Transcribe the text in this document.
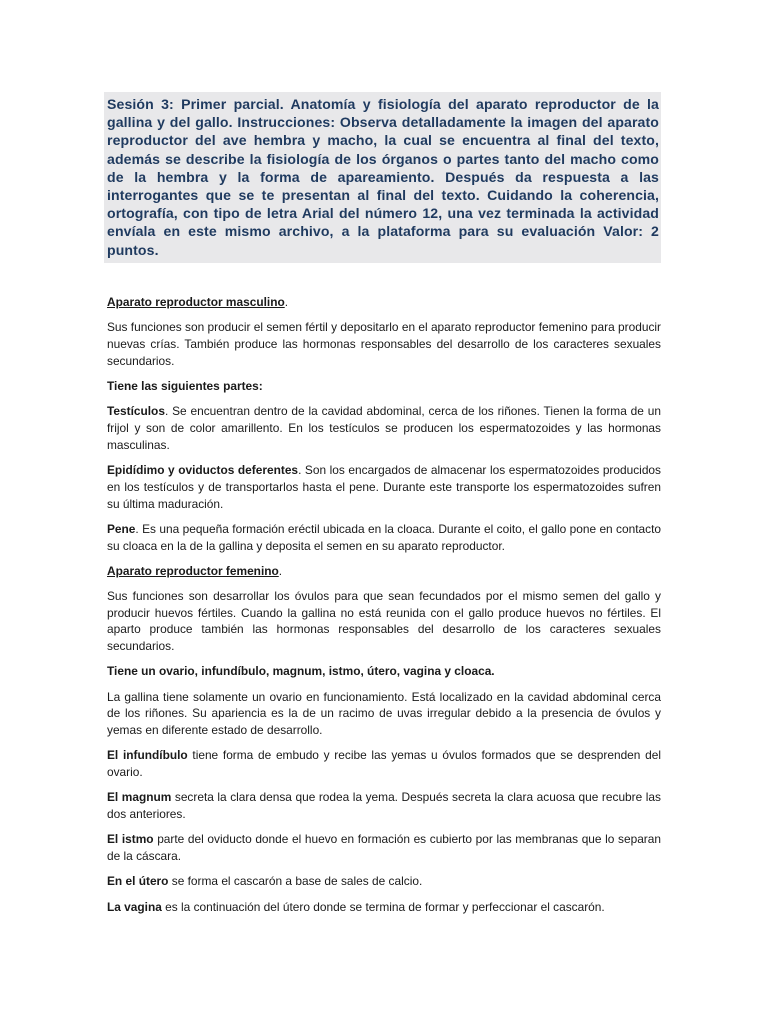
Sesión 3: Primer parcial. Anatomía y fisiología del aparato reproductor de la gallina y del gallo. Instrucciones: Observa detalladamente la imagen del aparato reproductor del ave hembra y macho, la cual se encuentra al final del texto, además se describe la fisiología de los órganos o partes tanto del macho como de la hembra y la forma de apareamiento. Después da respuesta a las interrogantes que se te presentan al final del texto. Cuidando la coherencia, ortografía, con tipo de letra Arial del número 12, una vez terminada la actividad envíala en este mismo archivo, a la plataforma para su evaluación Valor: 2 puntos.

Aparato reproductor masculino.

Sus funciones son producir el semen fértil y depositarlo en el aparato reproductor femenino para producir nuevas crías. También produce las hormonas responsables del desarrollo de los caracteres sexuales secundarios.

Tiene las siguientes partes:

Testículos. Se encuentran dentro de la cavidad abdominal, cerca de los riñones. Tienen la forma de un frijol y son de color amarillento. En los testículos se producen los espermatozoides y las hormonas masculinas.

Epidídimo y oviductos deferentes. Son los encargados de almacenar los espermatozoides producidos en los testículos y de transportarlos hasta el pene. Durante este transporte los espermatozoides sufren su última maduración.

Pene. Es una pequeña formación eréctil ubicada en la cloaca. Durante el coito, el gallo pone en contacto su cloaca en la de la gallina y deposita el semen en su aparato reproductor.

Aparato reproductor femenino.

Sus funciones son desarrollar los óvulos para que sean fecundados por el mismo semen del gallo y producir huevos fértiles. Cuando la gallina no está reunida con el gallo produce huevos no fértiles. El aparto produce también las hormonas responsables del desarrollo de los caracteres sexuales secundarios.

Tiene un ovario, infundíbulo, magnum, istmo, útero, vagina y cloaca.

La gallina tiene solamente un ovario en funcionamiento. Está localizado en la cavidad abdominal cerca de los riñones. Su apariencia es la de un racimo de uvas irregular debido a la presencia de óvulos y yemas en diferente estado de desarrollo.

El infundíbulo tiene forma de embudo y recibe las yemas u óvulos formados que se desprenden del ovario.

El magnum secreta la clara densa que rodea la yema. Después secreta la clara acuosa que recubre las dos anteriores.

El istmo parte del oviducto donde el huevo en formación es cubierto por las membranas que lo separan de la cáscara.

En el útero se forma el cascarón a base de sales de calcio.

La vagina es la continuación del útero donde se termina de formar y perfeccionar el cascarón.
